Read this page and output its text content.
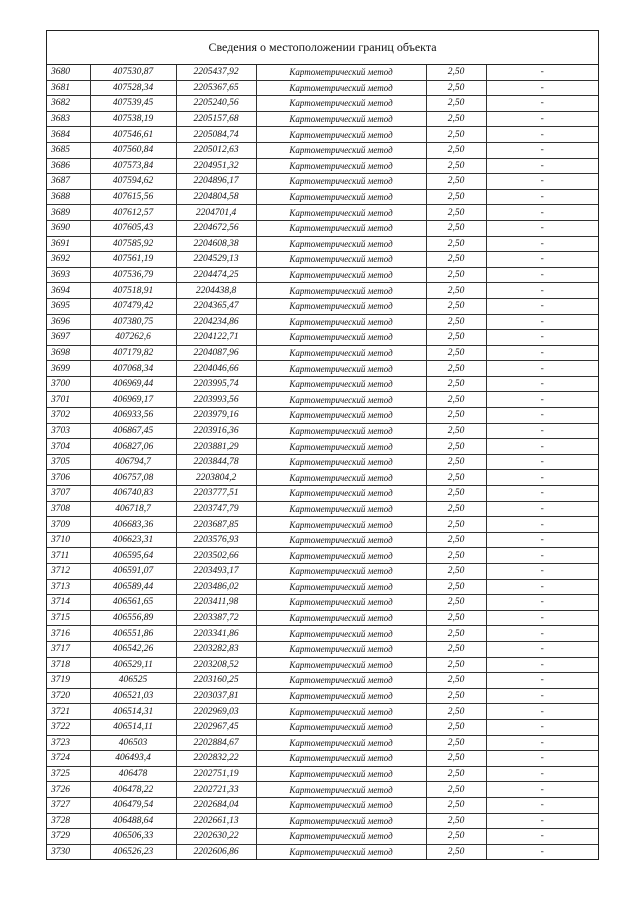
Сведения о местоположении границ объекта
3680	407530,87	2205437,92	Картометрический метод	2,50	-
3681	407528,34	2205367,65	Картометрический метод	2,50	-
3682	407539,45	2205240,56	Картометрический метод	2,50	-
3683	407538,19	2205157,68	Картометрический метод	2,50	-
3684	407546,61	2205084,74	Картометрический метод	2,50	-
3685	407560,84	2205012,63	Картометрический метод	2,50	-
3686	407573,84	2204951,32	Картометрический метод	2,50	-
3687	407594,62	2204896,17	Картометрический метод	2,50	-
3688	407615,56	2204804,58	Картометрический метод	2,50	-
3689	407612,57	2204701,4	Картометрический метод	2,50	-
3690	407605,43	2204672,56	Картометрический метод	2,50	-
3691	407585,92	2204608,38	Картометрический метод	2,50	-
3692	407561,19	2204529,13	Картометрический метод	2,50	-
3693	407536,79	2204474,25	Картометрический метод	2,50	-
3694	407518,91	2204438,8	Картометрический метод	2,50	-
3695	407479,42	2204365,47	Картометрический метод	2,50	-
3696	407380,75	2204234,86	Картометрический метод	2,50	-
3697	407262,6	2204122,71	Картометрический метод	2,50	-
3698	407179,82	2204087,96	Картометрический метод	2,50	-
3699	407068,34	2204046,66	Картометрический метод	2,50	-
3700	406969,44	2203995,74	Картометрический метод	2,50	-
3701	406969,17	2203993,56	Картометрический метод	2,50	-
3702	406933,56	2203979,16	Картометрический метод	2,50	-
3703	406867,45	2203916,36	Картометрический метод	2,50	-
3704	406827,06	2203881,29	Картометрический метод	2,50	-
3705	406794,7	2203844,78	Картометрический метод	2,50	-
3706	406757,08	2203804,2	Картометрический метод	2,50	-
3707	406740,83	2203777,51	Картометрический метод	2,50	-
3708	406718,7	2203747,79	Картометрический метод	2,50	-
3709	406683,36	2203687,85	Картометрический метод	2,50	-
3710	406623,31	2203576,93	Картометрический метод	2,50	-
3711	406595,64	2203502,66	Картометрический метод	2,50	-
3712	406591,07	2203493,17	Картометрический метод	2,50	-
3713	406589,44	2203486,02	Картометрический метод	2,50	-
3714	406561,65	2203411,98	Картометрический метод	2,50	-
3715	406556,89	2203387,72	Картометрический метод	2,50	-
3716	406551,86	2203341,86	Картометрический метод	2,50	-
3717	406542,26	2203282,83	Картометрический метод	2,50	-
3718	406529,11	2203208,52	Картометрический метод	2,50	-
3719	406525	2203160,25	Картометрический метод	2,50	-
3720	406521,03	2203037,81	Картометрический метод	2,50	-
3721	406514,31	2202969,03	Картометрический метод	2,50	-
3722	406514,11	2202967,45	Картометрический метод	2,50	-
3723	406503	2202884,67	Картометрический метод	2,50	-
3724	406493,4	2202832,22	Картометрический метод	2,50	-
3725	406478	2202751,19	Картометрический метод	2,50	-
3726	406478,22	2202721,33	Картометрический метод	2,50	-
3727	406479,54	2202684,04	Картометрический метод	2,50	-
3728	406488,64	2202661,13	Картометрический метод	2,50	-
3729	406506,33	2202630,22	Картометрический метод	2,50	-
3730	406526,23	2202606,86	Картометрический метод	2,50	-
